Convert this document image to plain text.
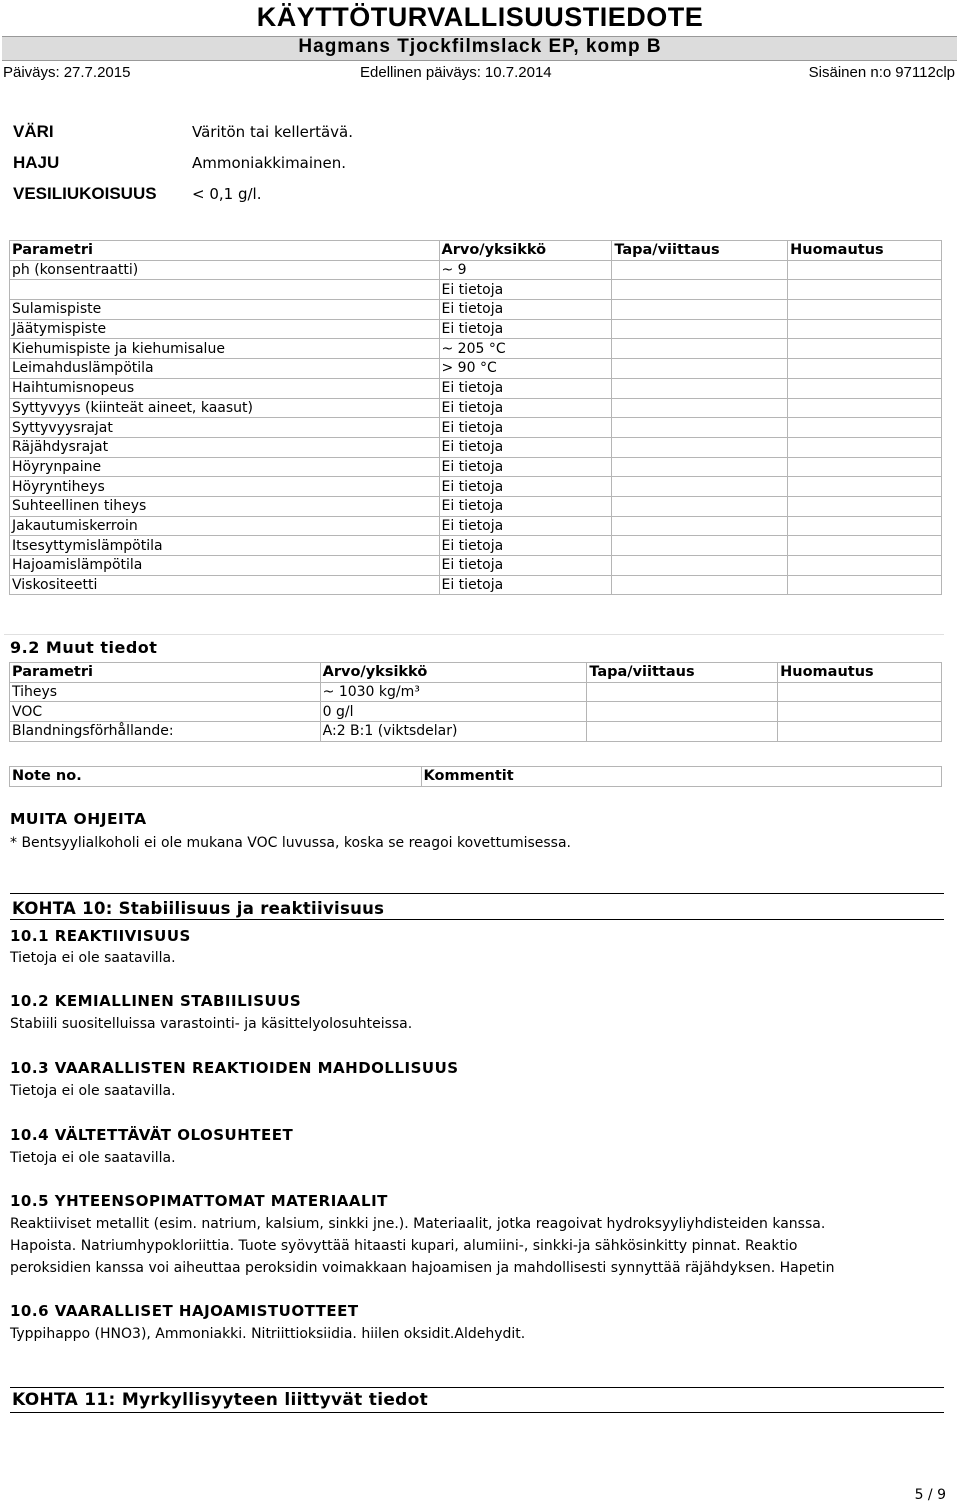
KÄYTTÖTURVALLISUUSTIEDOTE
Hagmans Tjockfilmslack EP, komp B
Päiväys: 27.7.2015	Edellinen päiväys: 10.7.2014	Sisäinen n:o 97112clp
VÄRI	Väritön tai kellertävä.
HAJU	Ammoniakkimainen.
VESILIUKOISUUS < 0,1 g/l.
Parametri	Arvo/yksikkö	Tapa/viittaus	Huomautus
ph (konsentraatti)	~ 9		
	Ei tietoja		
Sulamispiste	Ei tietoja		
Jäätymispiste	Ei tietoja		
Kiehumispiste ja kiehumisalue	~ 205 °C		
Leimahduslämpötila	> 90 °C		
Haihtumisnopeus	Ei tietoja		
Syttyvyys (kiinteät aineet, kaasut)	Ei tietoja		
Syttyvyysrajat	Ei tietoja		
Räjähdysrajat	Ei tietoja		
Höyrynpaine	Ei tietoja		
Höyryntiheys	Ei tietoja		
Suhteellinen tiheys	Ei tietoja		
Jakautumiskerroin	Ei tietoja		
Itsesyttymislämpötila	Ei tietoja		
Hajoamislämpötila	Ei tietoja		
Viskositeetti	Ei tietoja		
9.2 Muut tiedot
Parametri	Arvo/yksikkö	Tapa/viittaus	Huomautus
Tiheys	~ 1030 kg/m³		
VOC	0 g/l		
Blandningsförhållande:	A:2 B:1 (viktsdelar)		
Note no.	Kommentit
MUITA OHJEITA
* Bentsyylialkoholi ei ole mukana VOC luvussa, koska se reagoi kovettumisessa.
KOHTA 10: Stabiilisuus ja reaktiivisuus
10.1 REAKTIIVISUUS
Tietoja ei ole saatavilla.
10.2 KEMIALLINEN STABIILISUUS
Stabiili suositelluissa varastointi- ja käsittelyolosuhteissa.
10.3 VAARALLISTEN REAKTIOIDEN MAHDOLLISUUS
Tietoja ei ole saatavilla.
10.4 VÄLTETTÄVÄT OLOSUHTEET
Tietoja ei ole saatavilla.
10.5 YHTEENSOPIMATTOMAT MATERIAALIT
Reaktiiviset metallit (esim. natrium, kalsium, sinkki jne.). Materiaalit, jotka reagoivat hydroksyyliyhdisteiden kanssa.
Hapoista. Natriumhypokloriittia. Tuote syövyttää hitaasti kupari, alumiini-, sinkki-ja sähkösinkitty pinnat. Reaktio
peroksidien kanssa voi aiheuttaa peroksidin voimakkaan hajoamisen ja mahdollisesti synnyttää räjähdyksen. Hapetin
10.6 VAARALLISET HAJOAMISTUOTTEET
Typpihappo (HNO3), Ammoniakki. Nitriittioksiidia. hiilen oksidit.Aldehydit.
KOHTA 11: Myrkyllisyyteen liittyvät tiedot
5 / 9
